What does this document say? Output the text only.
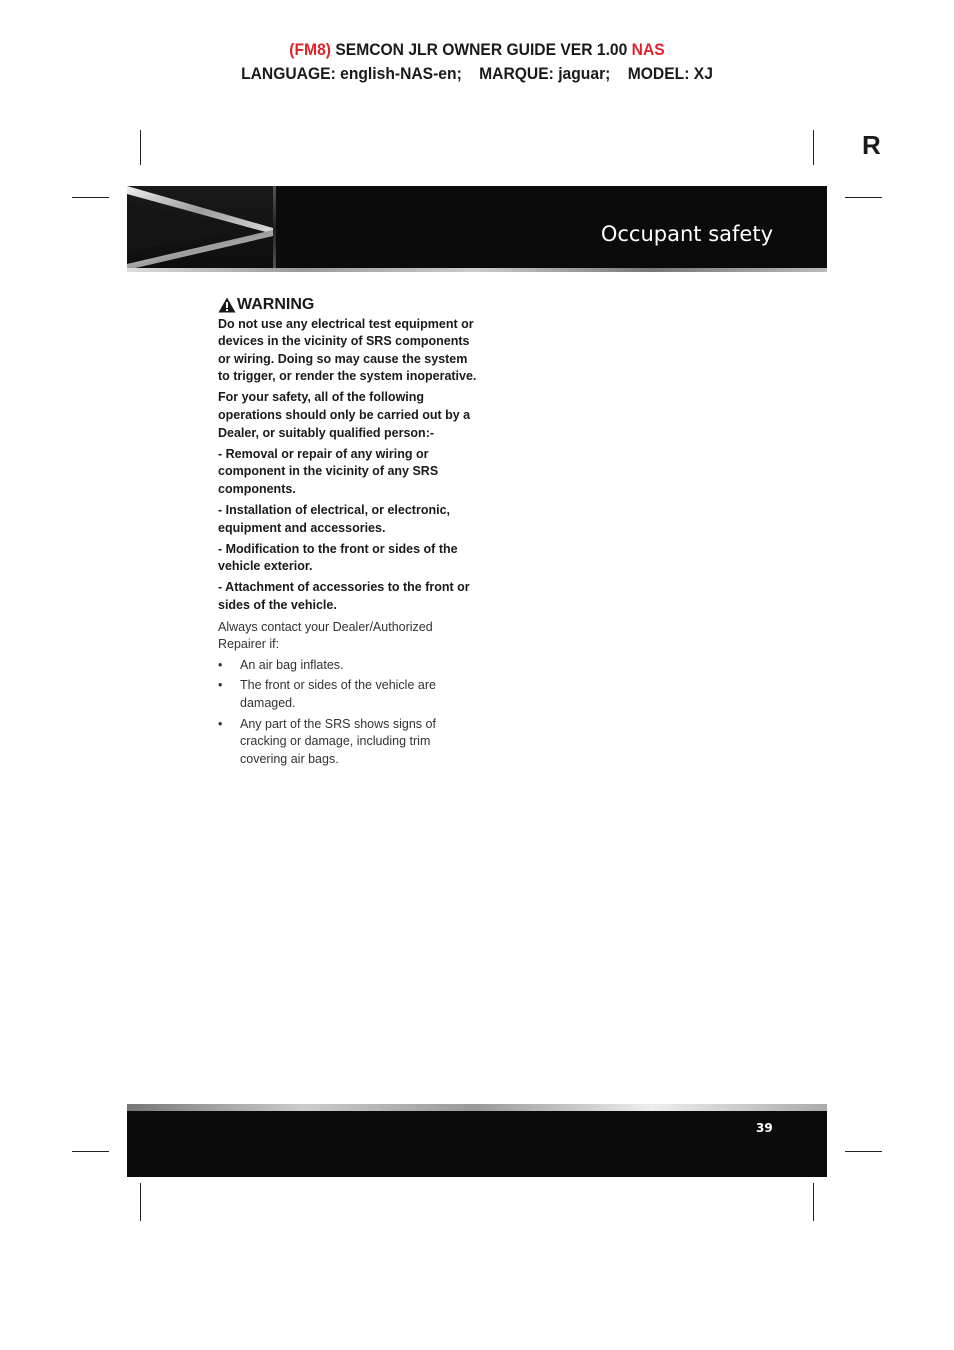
(FM8) SEMCON JLR OWNER GUIDE VER 1.00 NAS
LANGUAGE: english-NAS-en;    MARQUE: jaguar;    MODEL: XJ
R
Occupant safety
WARNING

Do not use any electrical test equipment or devices in the vicinity of SRS components or wiring. Doing so may cause the system to trigger, or render the system inoperative.

For your safety, all of the following operations should only be carried out by a Dealer, or suitably qualified person:-

- Removal or repair of any wiring or component in the vicinity of any SRS components.

- Installation of electrical, or electronic, equipment and accessories.

- Modification to the front or sides of the vehicle exterior.

- Attachment of accessories to the front or sides of the vehicle.

Always contact your Dealer/Authorized Repairer if:

• An air bag inflates.
• The front or sides of the vehicle are damaged.
• Any part of the SRS shows signs of cracking or damage, including trim covering air bags.
39
